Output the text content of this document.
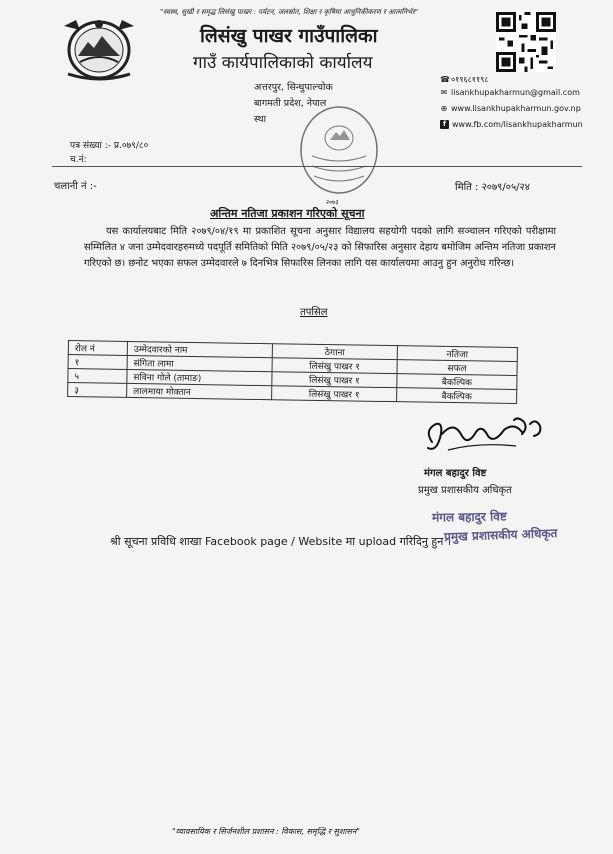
"स्वस्थ, सुखी र समृद्ध लिसंखु पाखर : पर्यटन, जलस्रोत, शिक्षा र कृषिमा आधुनिकीकरण र आत्मनिर्भर"
लिसंखु पाखर गाउँपालिका
गाउँ कार्यपालिकाको कार्यालय
अत्तरपुर, सिन्धुपाल्चोक
बागमती प्रदेश, नेपाल
स्था
☎ ०११६८११९८
✉ lisankhupakharmun@gmail.com
⊕ www.lisankhupakharmun.gov.np
f www.fb.com/lisankhupakharmun
पत्र संख्या :- प्र.०७९/८०
च.नं:
२०७३
चलानी नं :-	मिति : २०७९/०५/२४
अन्तिम नतिजा प्रकाशन गरिएको सूचना

यस कार्यालयबाट मिति २०७९/०४/१९ मा प्रकाशित सूचना अनुसार विद्यालय सहयोगी पदको लागि सञ्चालन गरिएको परीक्षामा सम्मिलित ४ जना उम्मेदवारहरुमध्ये पदपूर्ति समितिको मिति २०७९/०५/२३ को सिफारिस अनुसार देहाय बमोजिम अन्तिम नतिजा प्रकाशन गरिएको छ। छनोट भएका सफल उम्मेदवारले ७ दिनभित्र सिफारिस लिनका लागि यस कार्यालयमा आउनु हुन अनुरोध गरिन्छ।

तपसिल
रोल नं	उम्मेदवारको नाम	ठेगाना	नतिजा
१	संगिता लामा	लिसंखु पाखर १	सफल
५	सविना गोले (तामाङ)	लिसंखु पाखर १	बैकल्पिक
३	लालमाया मोक्तान	लिसंखु पाखर १	बैकल्पिक
मंगल बहादुर विष्ट
प्रमुख प्रशासकीय अधिकृत
मंगल बहादुर विष्ट
श्री सूचना प्रविधि शाखा Facebook page / Website मा upload गरिदिनु हुन ।
प्रमुख प्रशासकीय अधिकृत
"व्यावसायिक र सिर्जनशील प्रशासन : विकास, समृद्धि र सुशासन"
